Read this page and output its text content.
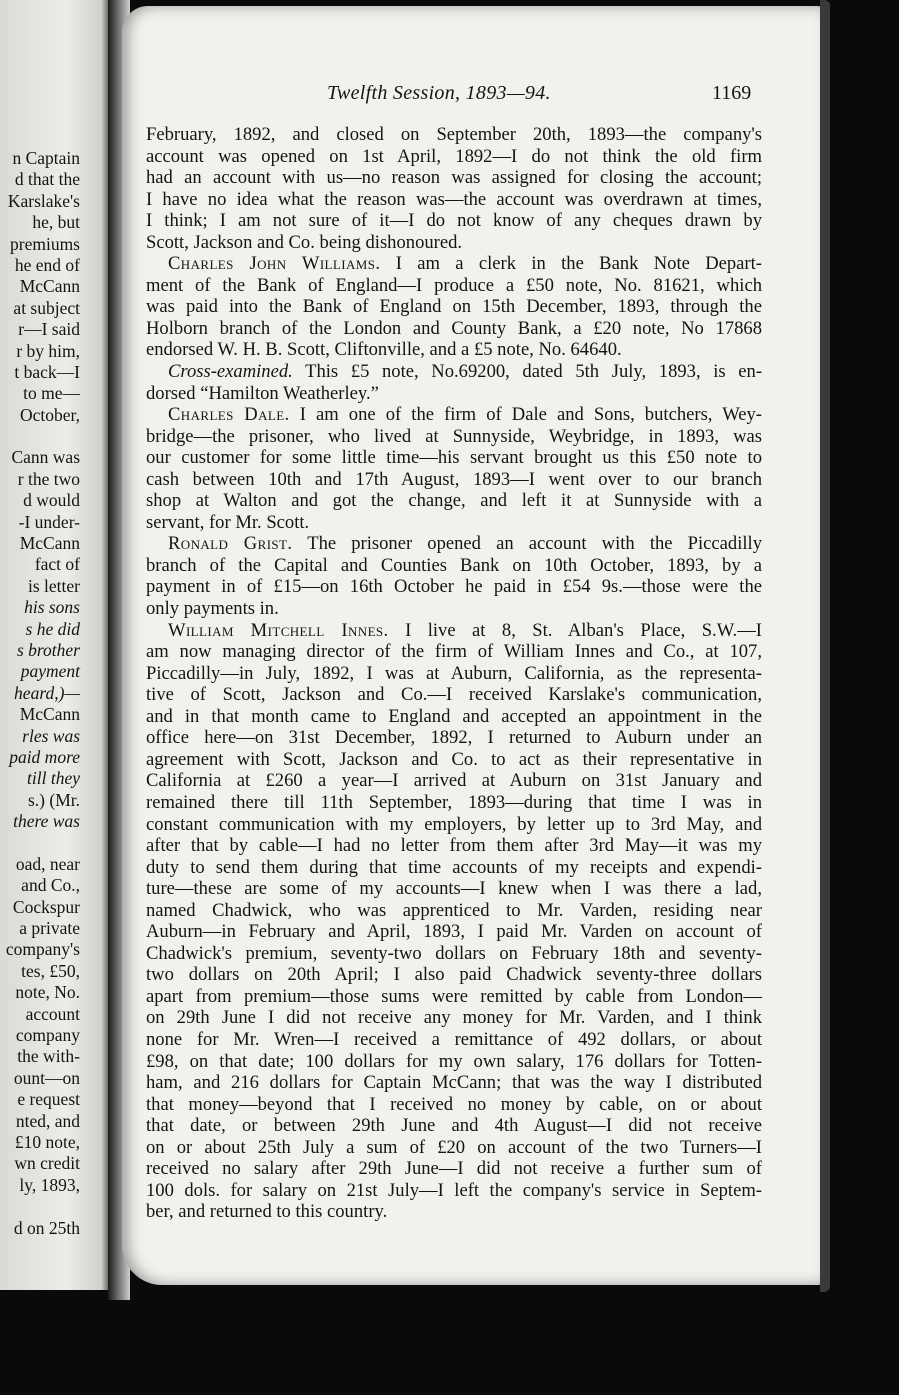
n Captain
d that the
Karslake's
he, but
premiums
he end of
McCann
at subject
r—I said
r by him,
t back—I
to me—
October,
Cann was
r the two
d would
-I under-
McCann
fact of
is letter
his sons
s he did
s brother
payment
heard,)—
McCann
rles was
paid more
till they
s.) (Mr.
there was
oad, near
and Co.,
Cockspur
a private
company's
tes, £50,
note, No.
account
company
the with-
ount—on
e request
nted, and
£10 note,
wn credit
ly, 1893,
d on 25th
Twelfth Session, 1893—94.	1169
February, 1892, and closed on September 20th, 1893—the company's
account was opened on 1st April, 1892—I do not think the old firm
had an account with us—no reason was assigned for closing the account;
I have no idea what the reason was—the account was overdrawn at times,
I think; I am not sure of it—I do not know of any cheques drawn by
Scott, Jackson and Co. being dishonoured.
Charles John Williams. I am a clerk in the Bank Note Depart-
ment of the Bank of England—I produce a £50 note, No. 81621, which
was paid into the Bank of England on 15th December, 1893, through the
Holborn branch of the London and County Bank, a £20 note, No 17868
endorsed W. H. B. Scott, Cliftonville, and a £5 note, No. 64640.
Cross-examined. This £5 note, No.69200, dated 5th July, 1893, is en-
dorsed “Hamilton Weatherley.”
Charles Dale. I am one of the firm of Dale and Sons, butchers, Wey-
bridge—the prisoner, who lived at Sunnyside, Weybridge, in 1893, was
our customer for some little time—his servant brought us this £50 note to
cash between 10th and 17th August, 1893—I went over to our branch
shop at Walton and got the change, and left it at Sunnyside with a
servant, for Mr. Scott.
Ronald Grist. The prisoner opened an account with the Piccadilly
branch of the Capital and Counties Bank on 10th October, 1893, by a
payment in of £15—on 16th October he paid in £54 9s.—those were the
only payments in.
William Mitchell Innes. I live at 8, St. Alban's Place, S.W.—I
am now managing director of the firm of William Innes and Co., at 107,
Piccadilly—in July, 1892, I was at Auburn, California, as the representa-
tive of Scott, Jackson and Co.—I received Karslake's communication,
and in that month came to England and accepted an appointment in the
office here—on 31st December, 1892, I returned to Auburn under an
agreement with Scott, Jackson and Co. to act as their representative in
California at £260 a year—I arrived at Auburn on 31st January and
remained there till 11th September, 1893—during that time I was in
constant communication with my employers, by letter up to 3rd May, and
after that by cable—I had no letter from them after 3rd May—it was my
duty to send them during that time accounts of my receipts and expendi-
ture—these are some of my accounts—I knew when I was there a lad,
named Chadwick, who was apprenticed to Mr. Varden, residing near
Auburn—in February and April, 1893, I paid Mr. Varden on account of
Chadwick's premium, seventy-two dollars on February 18th and seventy-
two dollars on 20th April; I also paid Chadwick seventy-three dollars
apart from premium—those sums were remitted by cable from London—
on 29th June I did not receive any money for Mr. Varden, and I think
none for Mr. Wren—I received a remittance of 492 dollars, or about
£98, on that date; 100 dollars for my own salary, 176 dollars for Totten-
ham, and 216 dollars for Captain McCann; that was the way I distributed
that money—beyond that I received no money by cable, on or about
that date, or between 29th June and 4th August—I did not receive
on or about 25th July a sum of £20 on account of the two Turners—I
received no salary after 29th June—I did not receive a further sum of
100 dols. for salary on 21st July—I left the company's service in Septem-
ber, and returned to this country.
